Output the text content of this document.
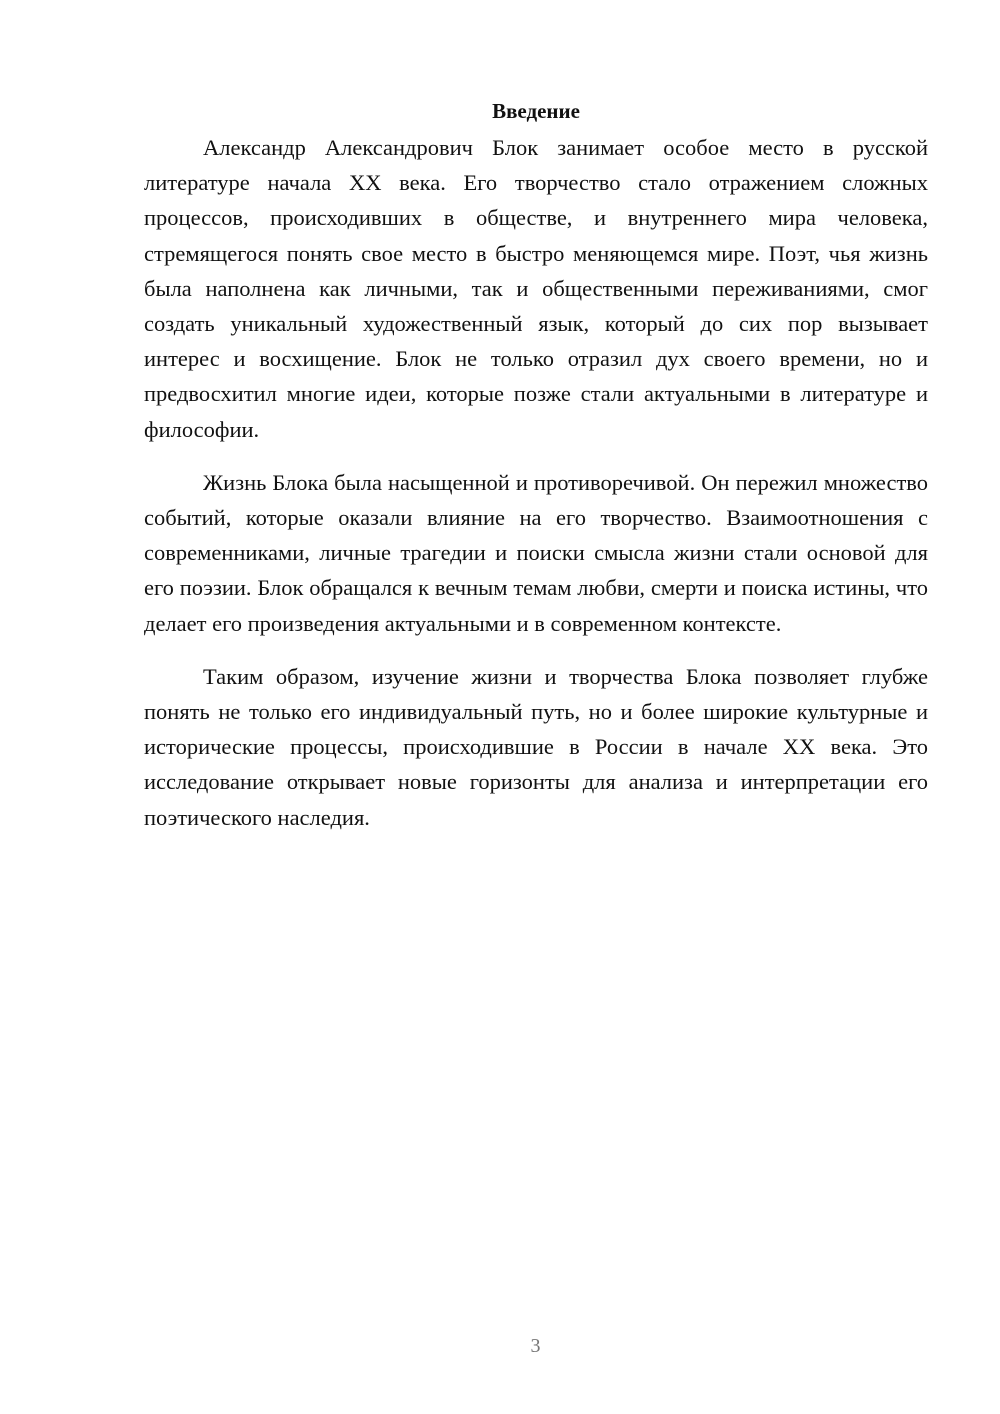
Введение

Александр Александрович Блок занимает особое место в русской литературе начала XX века. Его творчество стало отражением сложных процессов, происходивших в обществе, и внутреннего мира человека, стремящегося понять свое место в быстро меняющемся мире. Поэт, чья жизнь была наполнена как личными, так и общественными переживаниями, смог создать уникальный художественный язык, который до сих пор вызывает интерес и восхищение. Блок не только отразил дух своего времени, но и предвосхитил многие идеи, которые позже стали актуальными в литературе и философии.

Жизнь Блока была насыщенной и противоречивой. Он пережил множество событий, которые оказали влияние на его творчество. Взаимоотношения с современниками, личные трагедии и поиски смысла жизни стали основой для его поэзии. Блок обращался к вечным темам любви, смерти и поиска истины, что делает его произведения актуальными и в современном контексте.

Таким образом, изучение жизни и творчества Блока позволяет глубже понять не только его индивидуальный путь, но и более широкие культурные и исторические процессы, происходившие в России в начале XX века. Это исследование открывает новые горизонты для анализа и интерпретации его поэтического наследия.

3
